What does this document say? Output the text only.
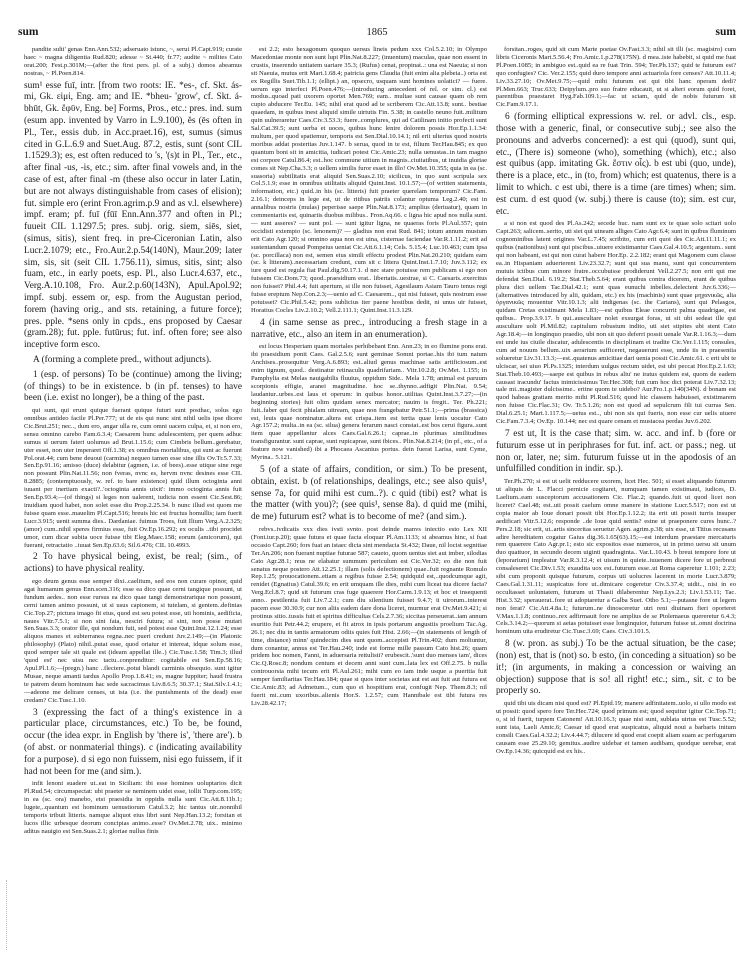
sum	1865	sum

pandite sulti' genas Enn.Ann.532; adseruato istunc, ~, serui Pl.Capt.919; curate haec ~ magna diligentia Rud.820; adesse ~ St.440; fr.77; audite ~ milites Cato orat.200; Fest.p.301M;—(after the first pers. pl. of a subj.) domos abeamus nostras, ~ Pl.Poen.814.

sum¹ esse fuī, intr. [from two roots: IE. *es-, cf. Skt. ás-mi, Gk. εἰμί, Eng. am; and IE. *bheu- 'grow', cf. Skt. á-bhūt, Gk. ἔφῡν, Eng. be] Forms, Pros., etc.: pres. ind. sum (esum app. invented by Varro in L.9.100), ĕs (ēs often in Pl., Ter., essis dub. in Acc.praet.16), est, sumus (simus cited in G.L.6.9 and Suet.Aug. 87.2, estis, sunt (sont CIL 1.1529.3); es, est often reduced to 's, '(s)t in Pl., Ter., etc., after final -us, -is, etc.; sim. after final vowels and, in the case of est, after final -m (these also occur in later Latin, but are not always distinguishable from cases of elision); fut. simple ero (erint Fron.agrim.p.9 and as v.l. elsewhere) impf. eram; pf. fuī (fūī Enn.Ann.377 and often in Pl.; fuueit CIL 1.1297.5; pres. subj. orig. siem, siēs, siet, (simus, sitis), sient freq. in pre-Ciceronian Latin, also Lucr.2.1079; etc., Fro.Aur.2.p.54(140N), Maur.209; later sim, sis, sit (seit CIL 1.756.11), simus, sitis, sint; also fuam, etc., in early poets, esp. Pl., also Lucr.4.637, etc., Verg.A.10.108, Fro. Aur.2.p.60(143N), Apul.Apol.92; impf. subj. essem or, esp. from the Augustan period, forem (having orig., and sts. retaining, a future force); pres. pple. *sens only in cpds., ens proposed by Caesar (gram.28); fut. pple. futūrus; fut. inf. often fore; see also inceptive form esco.

A (forming a complete pred., without adjuncts).

1 (esp. of persons) To be (continue) among the living; (of things) to be in existence. b (in pf. tenses) to have been (i.e. exist no longer), be a thing of the past.

qui sunt, qui erunt quique fuerant quique futuri sunt posthac, solus ego omnibus antideo facile Pl.Per.777; ut de eis qui nunc sint nihil uelis ipse dicere Cic.Brut.251; nec.., dum ero, angar ulla re, cum omni uacem culpa, et, si non ero, sensu omnino carebo Fam.6.3.4; Caesarem hunc adulescentem, per quem adhuc sumus si uerum fateri uolumus ad Brut.1.15.6; cum Cimbris bellum..gerebatur, uter esset, non uter imperaret Off.1.38; ex omnibus mortalibus, qui sunt ac fuerunt Pol.orat.44; cum bene deuoui (carmina) nequeo tamen esse sine illis Ov.Tr.5.7.33; Sen.Ep.91.16; amisso (duce) delabitur (agmen, i.e. of bees)..esse utique sine rege non possunt Plin.Nat.11.56; non fveras, nvnc es, hervm nvnc desines esse CIL 8.2885; (contemptuously, w. ref. to bare existence) quid illum octoginta anni iuuant per inertiam exacti?..'octoginta annis uixit': immo octoginta annis fuit Sen.Ep.93.4;—(of things) si leges non ualerent, iudicia non essent Cic.Sest.86; inuidiam quod habet, non solet esse diu Prop.2.25.34. b nunc illud est quom me fuisse quam esse..mauelim Pl.Capt.516; breuis hic est fructus homullis; iam fuerit Lucr.3.915; uenit summa dies.. Dardaniae. fuimus Troes, fuit Ilium Verg.A.2.325; (amor) cum..nihil speres firmius esse, fuit Ov.Ep.16.292; ex oculis ..tibi procidet umor, cum dicar subita uoce fuisse tibi Eleg.Maec.158; eorum (amicorum), qui fuerant, retractatio ..iuuat Sen.Ep.63.6; Sil.6.476; CIL 10.4993.

2 To have physical being, exist, be real; (sim., of actions) to have physical reality.

ego deum genus esse semper dixi..caelitum, sed eos non curare opinor, quid agat humanum genus Enn.scen.316; esse ea dico quae cerni tangique possunt, ut fundum aedes.. non esse rursus ea dico quae tangi demonstrarique non possunt, cerni tamen animo possunt, ut si usus capionem, si tutelam, si gentem..definias Cic.Top.27; pictura imago fit eius, quod est seu potest esse, uti hominis, aedificia, naues Vitr.7.5.1; si non sint fata, nesciri futura; si sint, non posse mutari Sen.Suas.3.3; orator ille, qui nondum fuit, sed potest esse Quint.Inst.12.1.24; esse aliquos manes et subterranea regna..nec pueri credunt Juv.2.149;—(in Platonic philosophy) (Plato) nihil..putat esse, quod oriatur et intereat, idque solum esse, quod semper tale sit quale est (ideam appellat ille..) Cic.Tusc.1.58; Tim.3; illud 'quod est' nec uisu nec tactu..conprenditur: cogitabile est Sen.Ep.58.16; Apul.Pl.1.6;—(pregn.) hanc ..flectere..potui blandi carminis obsequio. sunt igitur Musae, neque amanti tardus Apollo Prop.1.8.41; es, magne Iuppiter; haud frustra te patrem deum hominum hac sede sacracimus Liv.8.6.5; 30.37.1; Stat.Silv.1.4.1;—adeone me delirare censes, ut ista (i.e. the punishments of the dead) esse credam? Cic.Tusc.1.10.

3 (expressing the fact of a thing's existence in a particular place, circumstances, etc.) To be, be found, occur (the idea expr. in English by 'there is', 'there are'). b (of abst. or nonmaterial things). c (indicating availability for a purpose). d si ego non fuissem, nisi ego fuissem, if it had not been for me (and sim.).

infit lenoni suadere ut..eat in Siciliam: ibi esse homines uoluptarios dicit Pl.Rud.54; circumspectat: ubi praeter se neminem uidet esse, tollit Turp.com.195; in ea (sc. ora) manebo, etsi praesidia in oppidis nulla sunt Cic.Att.8.11b.1; lugete,..quantum est hominum uenustiorum Catul.3.2; hic tantus uir..nonnihil temporis tribuit litteris. namque aliquot eius libri sunt Nep.Han.13.2; forsitan et lucos illic urbesque deorum concipias animo..esse? Ov.Met.2.78; uix.. minimo aditus nauigio est Sen.Suas.2.1; gloriae nullus finis

est 2.2; esto hexagonum quoquo uersus lineis pedum xxx Col.5.2.10; in Olympo Macedoniae monte non sunt lupi Plin.Nat.8.227; (inuentum) maculas, quae non essent in crustis, inserendo unitatem uariare 35.3; (Rufus) cenat, propinat..: una est Naeuia; si non sit Naeuia, mutus erit Mart.1.68.4; patricia gens Claudia (fuit enim alia plebeia..) orta est ex Regillis Suet.Tib.1.1; (ellipt.) an, opsecro, usquam sunt homines uolatici? — fuere. uerum ego interfeci Pl.Poen.476;—(introducing antecedent of rel. or sim. cl.) est modus..quoad pati uxorem oportet Men.769; eam.. multae sunt causae quam ob rem cupio abducere Ter.Eu. 145; nihil erat quod ad te scriberem Cic.Att.13.8; sunt.. bestiae quaedam, in quibus inest aliquid simile uirtutis Fin. 5.38; in castello neuno fuit..militum quin uulneraretur Caes.Civ.3.53.3; fuere..complures, qui ad Catilinam initio profecti sunt Sal.Cat.39.5; sunt uerba et uoces, quibus hunc lenire dolorem possis Hor.Ep.1.1.34: multum, per quod spatiemur, temporis est Sen.Dial.10.14.1; nil erit ulterius quod nostris moribus addat posteritas Juv.1.147. b serua, quod in te est, filium Ter.Hau.845; ex quo quantum boni sit in amicitia, iudicari potest Cic.Amic.23; nulla uenustas..in tam magno est corpore Catul.86.4; est..hoc commune uitium in magnis..ciuitatibus, ut inuidia gloriae comes sit Nep.Cha.3.3; o uellem similis furor esset in illo! Ov.Met.10.355; quia in ea (sc. suasoria) subtilitatis erat aliquid Sen.Suas.2.10; sicilicus, in quo sunt scripula sex Col.5.1.9; esse in omnibus utilitatis aliquid Quint.Inst. 10.1.57;—(of written statements, information, etc.) quid..in his (sc. litteris) fuit praeter querelam temporum? Cic.Fam. 2.16.1; deinceps in lege est, ut de ritibus patriis colantur optuma Leg.2.40; est in annalibus nostris (mulas) peperisse saepe Plin.Nat.8.173; amplius (deriuatur), quam in commentariis est, quinariis duobus milibus.. Fron.Aq.66. c ligna hic apud nos nulla sunt. — sunt asseres? — sunt pol. — sunt igitur ligna, ne quaeras foris Pl.Aul.357; quin occidisti extempio (sc. lenonem)? — gladius non erat Rud. 841; totum annum mustum erit Cato Agr.120; si omnino aqua non est uina, cisternae faciendae Var.R.1.11.2; erit ad sustentandum quoad Pompeius ueniat Cic.Att.6.1.14; Cels. 5.15.4; Luc.10.463; cum ipsa (sc. porcillaca) non est, semen eius simili effectu prodest Plin.Nat.20.210; quidam eam (sc. k litteram)..necessariam credunt, cum sit c littera Quint.Inst.1.7.10; Juv.3.112; ex iure quod est regula fiat Paul.dig.50.17.1. d nec stare potuisse rem publicam si ego non fuissem Cic.Dom.73; quod..praesidium erat.. libertatis..uestrae, si C. Caesaris..exercitus non fuisset? Phil.4.4; fuit apertum, si ille non fuisset, Agesilaum Asiam Tauro tenus regi fuisse ereptum Nep.Con.2.3;—uenio ad C. Caesarem.., qui nisi fuisset, quis nostrum esse potuisset? Cic.Phil.5.42; pons sublicius iter paene hostibus dedit, ni unus uir fuisset, Horatius Cocles Liv.2.10.2; Vell.2.111.1; Quint.Inst.11.3.129.

4 (in same sense as prec., introducing a fresh stage in a narrative, etc., also an item in an enumeration).

est locus Hesperiam quam mortales perhibebant Enn. Ann.23; in eo flumine pons erat. ibi praesidium ponit Caes. Gal.2.5.6; sunt geminae Somni portae..his ibi tum natum Anchises..prosequitur Verg.A.6.893; est..aliud genus machinae satis artificiosum..est enim tignum, quod.. destinatur retinaculis quadrifariam.. Vitr.10.2.8; Ov.Met. 1.155; in Pamphylia est Melas nauigabilis fluuius, oppidum Side.. Mela 1.78; animal est paruum scorpionis effigie, aranei magnitudine. hoc se..thynno..adfigit Plin.Nat. 9.54; laudantur..urbes..est laus et operum: in quibus honor..utilitas Quint.Inst.3.7.27;—(in beginning stories) fuit olim quidam senex mercator; nauim is fregit.. Ter. Ph.221; fuit..faber qui fecit phialam uitream, quae non frangebatur Petr.51.1;—prima (brassica) est, leuis quae nominatur..altera est crispa..item est tertia quae lenis uocatur Cato Agr.157.2; multa..in ea (sc. silua) genera ferarum nasci constat..est bos cerui figura..sunt item quae appellantur alces Caes.Gal.6.26.1; caprae..in plurimas similitudines transfigurantur. sunt caprae, sunt rupicaprae, sunt ibices.. Plin.Nat.8.214; (in pf., etc., of a feature now vanished) ibi a Phocaea Ascanius portus. dein fuerat Larisa, sunt Cyme, Myrina.. 5.121.

5 (of a state of affairs, condition, or sim.) To be present, obtain, exist. b (of relationships, dealings, etc.; see also quis¹, sense 7a, for quid mihi est cum..?). c quid (tibi) est? what is the matter (with you)?; (see quis¹, sense 8a). d quid me (mihi, de me) futurum est? what is to become of me? (and sim.).

rebvs..ivdicatis xxx dies ivsti svnto. post deinde manvs iniectio esto Lex XII (Font.iur.p.20); quae futura et quae facta eloquar Pl.Am.1133; si abeamus hinc, si fuat occasio Capt.260; fors fuat an istaec dicta sint mendacia St.432; Daue, nil locist segnitiae Ter.An.206; non fuerant nuptiae futurae 587; caueto, quom uentus siet aut imber, silodias Cato Agr.28.1; reus ne elabatur summum periculum est Cic.Ver.32; eo die non fuit senatus neque postero Att.12.25.1; illam (solis defectionem) quae..fuit regnante Romulo Rep.1.25; prouocationem..etiam a regibus fuisse 2.54; quidquid est,..quodcumque agit, renidet (Egnatius) Catul.39.6; en erit umquam ille dies, mihi cum liceat tua dicere facta? Verg.Ecl.8.7; quid sit futurum cras fuge quaerere Hor.Carm.1.9.13; et hoc et insequenti anno.. pestilentia fuit Liv.7.2.1; cum diu silentium fuisset 9.4.7; ii uirorum..interest pacem esse 30.30.9; cur non aliis eadem dare dona liceret, murmur erat Ov.Met.9.421; si protinus sitio..tussis fuit et spiritus difficultas Cels.2.7.36; siccitas perseuerat..iam annum esuritio fuit Petr.44.2; erupere, et fit atrox in ipsis portarum angustiis proelium Tac.Ag. 26.1; nec diu in tantis armatorum odiis quies fuit Hist. 2.66;—(in statements of length of time, distance) minn' quindecim dies sunt quom..accepisti Pl.Trin.402; dum moliuntur, dum conantur, annus est Ter.Hau.240; inde est forme mille passum Cato hist.26; quam pridem hoc nomen, Fanni, in aduersaria rettulisti? erubescit..'sunt duo menses iam', dices Cic.Q.Rosc.8; nondum centum et decem anni sunt cum..lata lex est Off.2.75. b nulla controuorsia mihi tecum erit Pl.Aul.261; mihi cum eo iam inde usque a pueritia fuit semper familiaritas Ter.Hau.184; quae si quos inter societas aut est aut fuit aut futura est Cic.Amic.83; ad Admetum.., cum quo ei hospitium erat, confugit Nep. Them.8.3; nil fuerit mi..cum uxoribus..alienis Hor.S. 1.2.57; cum Hannibale est tibi futura res Liv.28.42.17;

forsitan..roges, quid sit cum Marte poetae Ov.Fast.3.3; nihil sit illi (sc. magistro) cum libris Ciceronis Mart.5.56.4; Fro.Amic.1.p.278(175N). d mea..iste habebit, si quid me fuat Pl.Poen.1085; in ambiguo est..quid ea re fuat Trin. 594; Ter.Ph.137; quid te futurum est? quo confugies? Cic. Ver.2.155; quid duro tempore anni actuariola fore censes? Att.10.11.4; Liv.33.27.10; Ov.Met.9.75;—quid mihi futurum est qui tibi hanc operam dedi? Pl.Men.663; Truc.633; Deipylum..pro suo fratre educauit, ut si alteri eorum quid foret, parentibus praestaret Hyg.Fab.109.1;—fac ut sciam, quid de nobis futurum sit Cic.Fam.9.17.1.

6 (forming elliptical expressions w. rel. or advl. cls., esp. those with a generic, final, or consecutive subj.; see also the pronouns and adverbs concerned): a est qui (quod), sunt qui, etc., (There is) someone (who), something (which), etc.; also est quibus (app. imitating Gk. ἔστιν οἷς). b est ubi (quo, unde), there is a place, etc., in (to, from) which; est quatenus, there is a limit to which. c est ubi, there is a time (are times) when; sim. est cum. d est quod (w. subj.) there is cause (to); sim. est cur, etc.

a si non est quod des Pl.As.242; secede huc. nam sunt ex te quae solo scitari uolo Capt.263; salicem..serito, uti siet qui uineam alliges Cato Agr.6.4; sunt in quibus fluminum cognominibus latent origines Var.L.7.45; scribito, cum erit quoi des Cic.Att.11.11.1; ex quibus (nationibus) sunt qui piscibus..uiuere existimantur Caes.Gal.4.10.5; argentum.. sunt qui non habeant, est qui non curat habere Hor.Ep. 2.2.182; erant qui Magonem cum classe ea..in Hispaniam aduerterent Liv.23.32.7; sunt qui sua manu, sunt qui concurrentem mutuis ictibus cum minore fratre..occubuisse prodiderunt Vell.2.27.5; non erit qui me defendat Sen.Dial. 6.19.2; Stat.Theb.5.64; erant quibus contra dicerem, erant de quibus plura dici uellem Tac.Dial.42.1; sunt quas eunuchi inbelles..delectent Juv.6.336;—(alternatives introduced by alii, quidam, etc.) ex his (machinis) sunt quae μηχανικῶς, alia ὀργανικῶς mouentur Vitr.10.1.3; alii indigenas (sc. the Carians), sunt qui Pelasgos, quidam Cretas existimant Mela 1.83;—est quibus Eleae concurrit palma quadrigae, est quibus.. Prop.3.9.17. b qui..auscultare nolet exsurgat foras, ut sit ubi sedeat ille qui auscultare uolt Pl.Mil.82; capitulum robustum indito, uti siet stipites ubi stent Cato Agr.18.4;—in longinquo praedio, ubi non sit quo deferri possit uenale Var.R.1.16.3;—dum est unde ius ciuile discatur, adulescentis in disciplinam ei tradite Cic.Ver.1.115; consules, cum ad nouum bellum..uix aerarium sufficeret, negauerunt esse, unde iis in praesentia solueretur Liv.31.13.3;—est..quatenus amicitiae dari uenia possit Cic.Amic.61. c erit ubi te ulciscar, sei uiuo Pl.Ps.1325; interdum uulgus rectum uidet, est ubi peccat Hor.Ep.2.1.63; Stat.Theb.10.493;—saepe est quibus in rebus aliu' ne iratus quidem est, quom de eadem causast iracundu' factus inimicissimus Ter.Hec.308; fuit cum hoc dici poterat Liv.7.32.13; uale mi..magister dulcissime.. eritne quom te uidebo? Aur.Fro.1.p.140(34N). d bonam est quod habeas gratiam merito mihi Pl.Rud.516; quod hic classem habuisset, existimarem non fuisse Cic.Flac.31; Ov. Tr.5.1.26; non est quod ad sepulcrum fili tui curras Sen. Dial.6.25.1; Mart.1.117.5;—uetus est.., ubi non sis qui fueris, non esse cur uelis uiuere Cic.Fam.7.3.4; Ov.Ep. 10.144; nec est quare cenam et mustacea perdas Juv.6.202.

7 est ut, It is the case that; sim. w. acc. and inf. b (fore or futurum esse ut in periphrases for fut. inf. act. or pass.; neg. ut non or, later, ne; sim. futurum fuisse ut in the apodosis of an unfulfilled condition in indir. sp.).

Ter.Ph.270; si est ut uelit redducere uxorem, licet Hec. 501; si esset aliquando futurum ut aliquis de L. Flacci pernicie cogitaret, numquam tamen existimaui, iudices, D. Laelium..eam susceptorum accusationem Cic. Flac.2; quando..fuit ut quod licet non liceret? Cael.48; est..uti possit caelum omne manere in statione Lucr.5.517; non est ut copia maior ab Ioue donari possit tibi Hor.Ep.1.12.2; ita erit uti possit turris insuper aedificari Vitr.5.12.6; responde ..de Ioue quid sentis? estne ut praeponere cures hunc..? Pers.2.18; sic erit, ut..artis sinceritas seruetur Agen. agrim.p.38; uix esse, ut Titius recusans adire hereditatem cogatur Gaius dig.36.1.65(63).15;—est interdum praestare mercaturis rem quaerere Cato Agr.pr.1; esto sic expositos esse numeros, ut in primo uersu sit unum duo quattuor, in secundo decem uiginti quadraginta.. Var.L.10.43. b breui tempore fore ut (leporarium) impleatur Var.R.3.12.4; ei uisum in quiete..iuuenem dicere fore ut perbreui consaleseret Cic.Div.1.53; exaudita uox est..futurum esse..ut Roma caperetur 1.101; 2.23; sibi cum proponit quisque futurum, corpus uti uolucres lacerent in morte Lucr.3.879; Caes.Gal.1.31.11; suspicatus fore ut..dimicare cogeretur Civ.3.37.4; uidit.., nisi in eo occultasset uoluntatem, futurum ut Thasii dilaberentur Nep.Lys.2.3; Liv.1.53.11; Tac. Hist.3.32; sperauerat..fore ut adoptaretur a Galba Suet. Otho 5.1;—putasne fore ut legem non ferat? Cic.Att.4.8a.1; futurum..ne dinosceretur utri reni diuinam fieri oporteret V.Max.1.1.8; continuo..rex adfirmauit fore ne amplius de se Ptolemaeus quereretur 6.4.3; Cels.3.14.2;—quorum si aetas potuisset esse longinquior, futurum fuisse ut..omni doctrina hominum uita erudiretur Cic.Tusc.3.69; Caes. Civ.3.101.5.

8 (w. pron. as subj.) To be the actual situation, be the case; (non) est, that is (not) so. b esto, (in conceding a situation) so be it!; (in arguments, in making a concession or waiving an objection) suppose that is so! all right! etc.; sim., sit. c to be properly so.

quid tibi uis dicam nisi quod est? Pl.Epid.19; manere adfinitatem..uolo, si ullo modo est ut possit: quod spero fore Ter.Hec.724; quod primum est; quod sequitur igitur Cic.Top.71; o, si id fuerit, turpem Catonem! Att.10.16.3; quae nisi sunt, sublata uirtus est Tusc.5.52; sunt ista, Laeli Amic.6; Caesar id quod erat suspicatus, aliquid noui a barbaris initum consili Caes.Gal.4.32.2; Liv.4.44.7; dilucere id quod erat coepit aliam suam ac perfugarum causam esse 25.29.10; gemitus..audire uidebar et tamen audibam, quodque uerebar, erat Ov.Ep.14.36; quicquid est ex his..
